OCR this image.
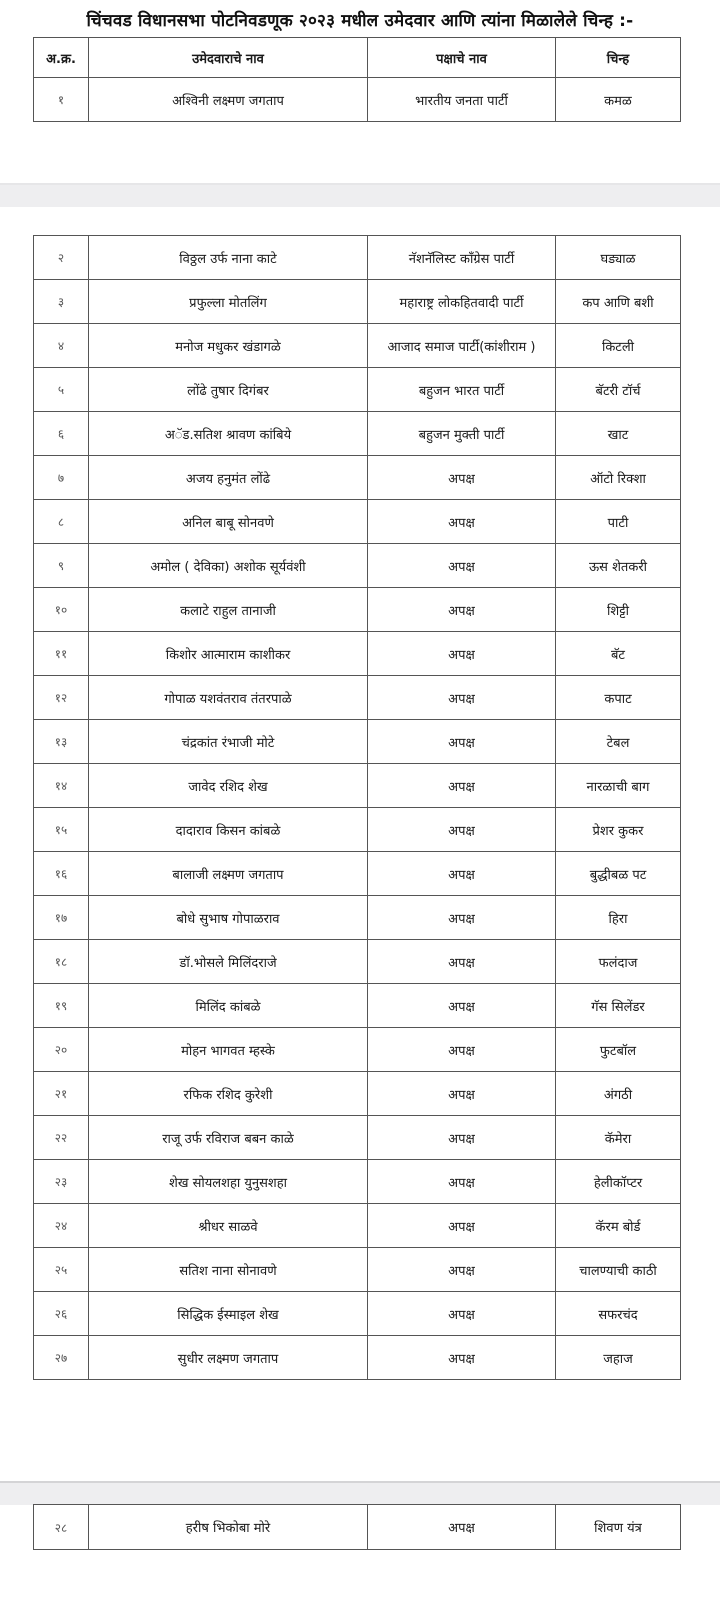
चिंचवड विधानसभा पोटनिवडणूक २०२३ मधील उमेदवार आणि त्यांना मिळालेले चिन्ह :-
अ.क्र.	उमेदवाराचे नाव	पक्षाचे नाव	चिन्ह
१	अश्विनी लक्ष्मण जगताप	भारतीय जनता पार्टी	कमळ
२	विठ्ठल उर्फ नाना काटे	नॅशनॅलिस्ट कॉंग्रेस पार्टी	घड्याळ
३	प्रफुल्ला मोतलिंग	महाराष्ट्र लोकहितवादी पार्टी	कप आणि बशी
४	मनोज मधुकर खंडागळे	आजाद समाज पार्टी(कांशीराम )	किटली
५	लोंढे तुषार दिगंबर	बहुजन भारत पार्टी	बॅटरी टॉर्च
६	अॅड.सतिश श्रावण कांबिये	बहुजन मुक्ती पार्टी	खाट
७	अजय हनुमंत लोंढे	अपक्ष	ऑटो रिक्शा
८	अनिल बाबू सोनवणे	अपक्ष	पाटी
९	अमोल ( देविका) अशोक सूर्यवंशी	अपक्ष	ऊस शेतकरी
१०	कलाटे राहुल तानाजी	अपक्ष	शिट्टी
११	किशोर आत्माराम काशीकर	अपक्ष	बॅट
१२	गोपाळ यशवंतराव तंतरपाळे	अपक्ष	कपाट
१३	चंद्रकांत रंभाजी मोटे	अपक्ष	टेबल
१४	जावेद रशिद शेख	अपक्ष	नारळाची बाग
१५	दादाराव किसन कांबळे	अपक्ष	प्रेशर कुकर
१६	बालाजी लक्ष्मण जगताप	अपक्ष	बुद्धीबळ पट
१७	बोधे सुभाष गोपाळराव	अपक्ष	हिरा
१८	डॉ.भोसले मिलिंदराजे	अपक्ष	फलंदाज
१९	मिलिंद कांबळे	अपक्ष	गॅस सिलेंडर
२०	मोहन भागवत म्हस्के	अपक्ष	फुटबॉल
२१	रफिक रशिद कुरेशी	अपक्ष	अंगठी
२२	राजू उर्फ रविराज बबन काळे	अपक्ष	कॅमेरा
२३	शेख सोयलशहा युनुसशहा	अपक्ष	हेलीकॉप्टर
२४	श्रीधर साळवे	अपक्ष	कॅरम बोर्ड
२५	सतिश नाना सोनावणे	अपक्ष	चालण्याची काठी
२६	सिद्धिक ईस्माइल शेख	अपक्ष	सफरचंद
२७	सुधीर लक्ष्मण जगताप	अपक्ष	जहाज
२८	हरीष भिकोबा मोरे	अपक्ष	शिवण यंत्र
